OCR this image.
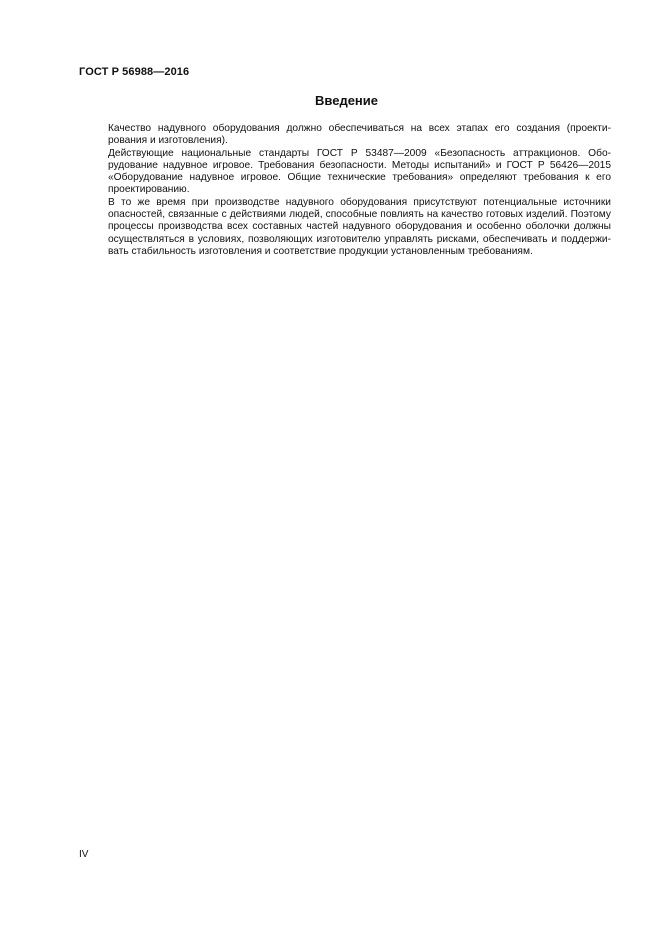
ГОСТ Р 56988—2016
Введение
Качество надувного оборудования должно обеспечиваться на всех этапах его создания (проекти-
рования и изготовления).
Действующие национальные стандарты ГОСТ Р 53487—2009 «Безопасность аттракционов. Обо-
рудование надувное игровое. Требования безопасности. Методы испытаний» и ГОСТ Р 56426—2015
«Оборудование надувное игровое. Общие технические требования» определяют требования к его
проектированию.
В то же время при производстве надувного оборудования присутствуют потенциальные источники
опасностей, связанные с действиями людей, способные повлиять на качество готовых изделий. Поэтому
процессы производства всех составных частей надувного оборудования и особенно оболочки должны
осуществляться в условиях, позволяющих изготовителю управлять рисками, обеспечивать и поддержи-
вать стабильность изготовления и соответствие продукции установленным требованиям.
IV
